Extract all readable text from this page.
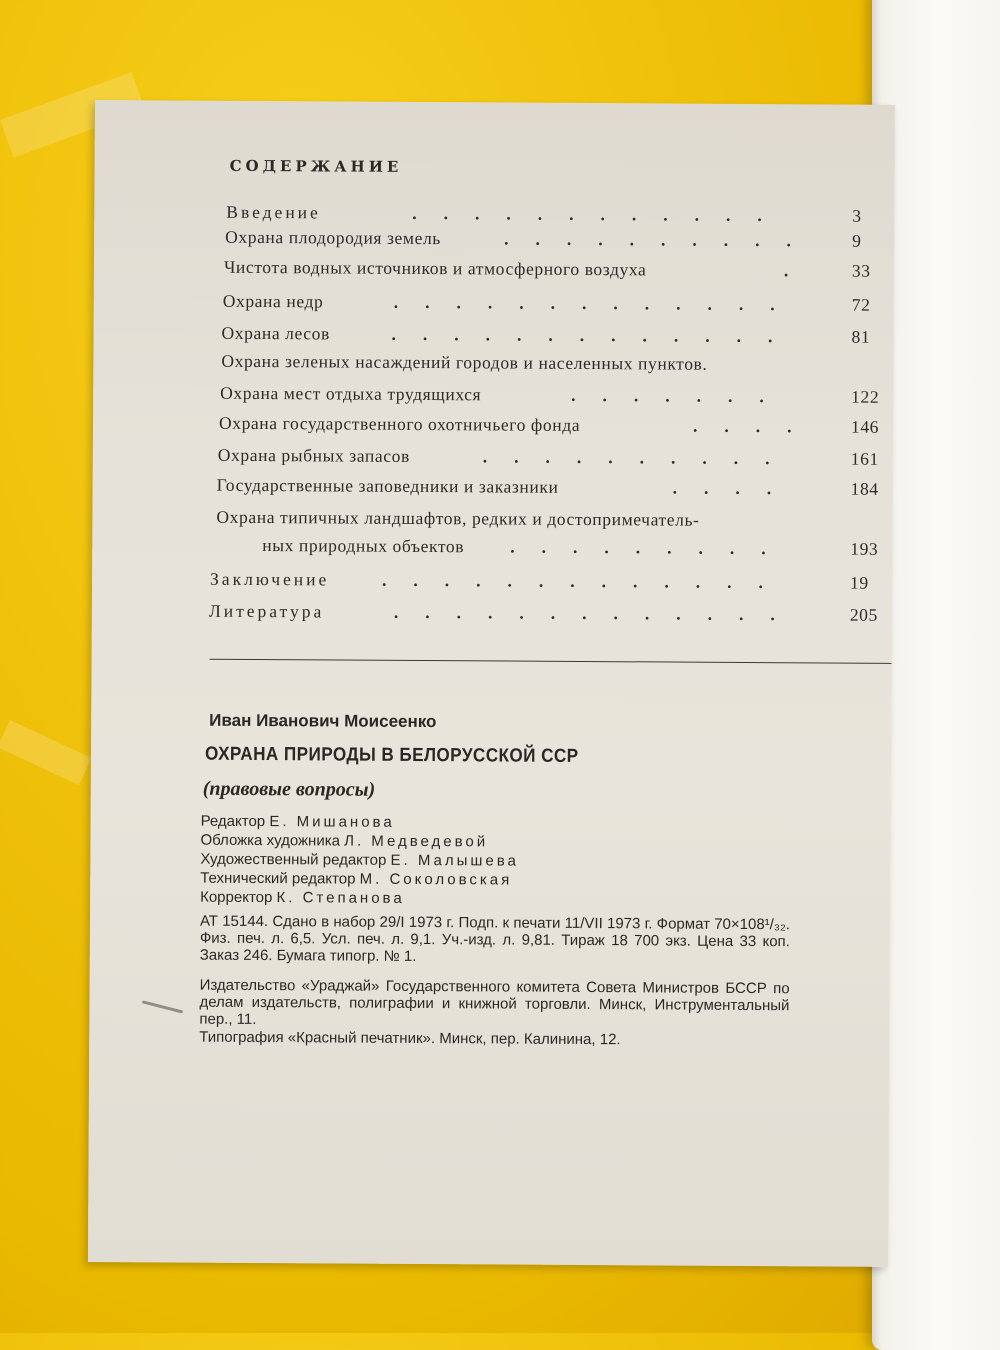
СОДЕРЖАНИЕ
Введение	............	3
Охрана плодородия земель	.......... 9
Чистота водных источников и атмосферного воздуха	. 33
Охрана недр	.............	72
Охрана лесов	.............	81
Охрана зеленых насаждений городов и населенных пунктов.
Охрана мест отдыха трудящихся	.......	122
Охрана государственного охотничьего фонда	.... 146
Охрана рыбных запасов	..........	161
Государственные заповедники и заказники	....	184
Охрана типичных ландшафтов, редких и достопримечатель-
ных природных объектов	.........	193
Заключение	.............	19
Литература	.............	205
Иван Иванович Моисеенко
ОХРАНА ПРИРОДЫ В БЕЛОРУССКОЙ ССР
(правовые вопросы)
Редактор Е. Мишанова
Обложка художника Л. Медведевой
Художественный редактор Е. Малышева
Технический редактор М. Соколовская
Корректор К. Степанова
АТ 15144. Сдано в набор 29/I 1973 г. Подп. к печати 11/VII 1973 г. Формат 70×108¹/₃₂. Физ. печ. л. 6,5. Усл. печ. л. 9,1. Уч.-изд. л. 9,81. Тираж 18 700 экз. Цена 33 коп. Заказ 246. Бумага типогр. № 1.
Издательство «Ураджай» Государственного комитета Совета Министров БССР по делам издательств, полиграфии и книжной торговли. Минск, Инструментальный пер., 11.
Типография «Красный печатник». Минск, пер. Калинина, 12.
